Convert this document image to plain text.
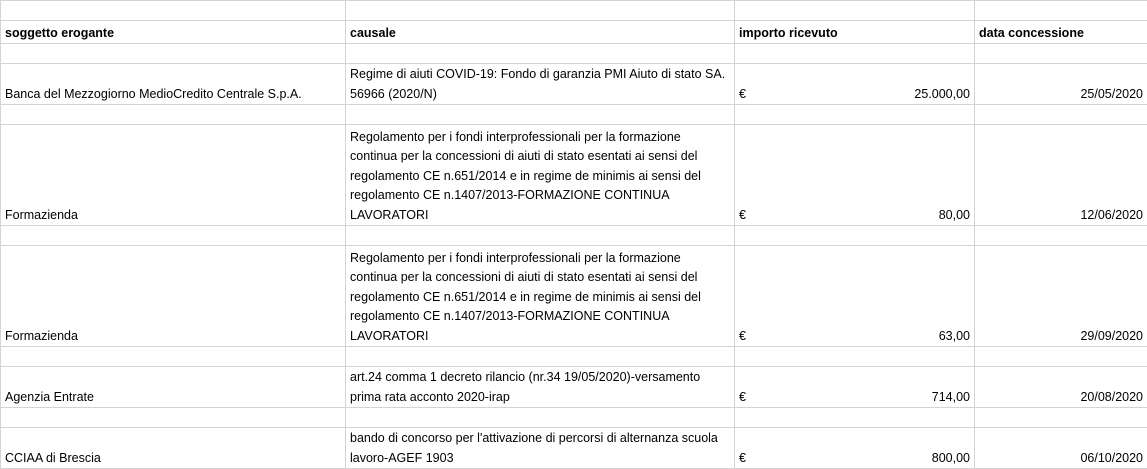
soggetto erogante	causale	importo ricevuto	data concessione

Banca del Mezzogiorno MedioCredito Centrale S.p.A.	Regime di aiuti COVID-19: Fondo di garanzia PMI Aiuto di stato SA. 56966 (2020/N)	€ 25.000,00	25/05/2020

Formazienda	Regolamento per i fondi interprofessionali per la formazione continua per la concessioni di aiuti di stato esentati ai sensi del regolamento CE n.651/2014 e in regime de minimis ai sensi del regolamento CE n.1407/2013-FORMAZIONE CONTINUA LAVORATORI	€ 80,00	12/06/2020

Formazienda	Regolamento per i fondi interprofessionali per la formazione continua per la concessioni di aiuti di stato esentati ai sensi del regolamento CE n.651/2014 e in regime de minimis ai sensi del regolamento CE n.1407/2013-FORMAZIONE CONTINUA LAVORATORI	€ 63,00	29/09/2020

Agenzia Entrate	art.24 comma 1 decreto rilancio (nr.34 19/05/2020)-versamento prima rata acconto 2020-irap	€ 714,00	20/08/2020

CCIAA di Brescia	bando di concorso per l'attivazione di percorsi di alternanza scuola lavoro-AGEF 1903	€ 800,00	06/10/2020
